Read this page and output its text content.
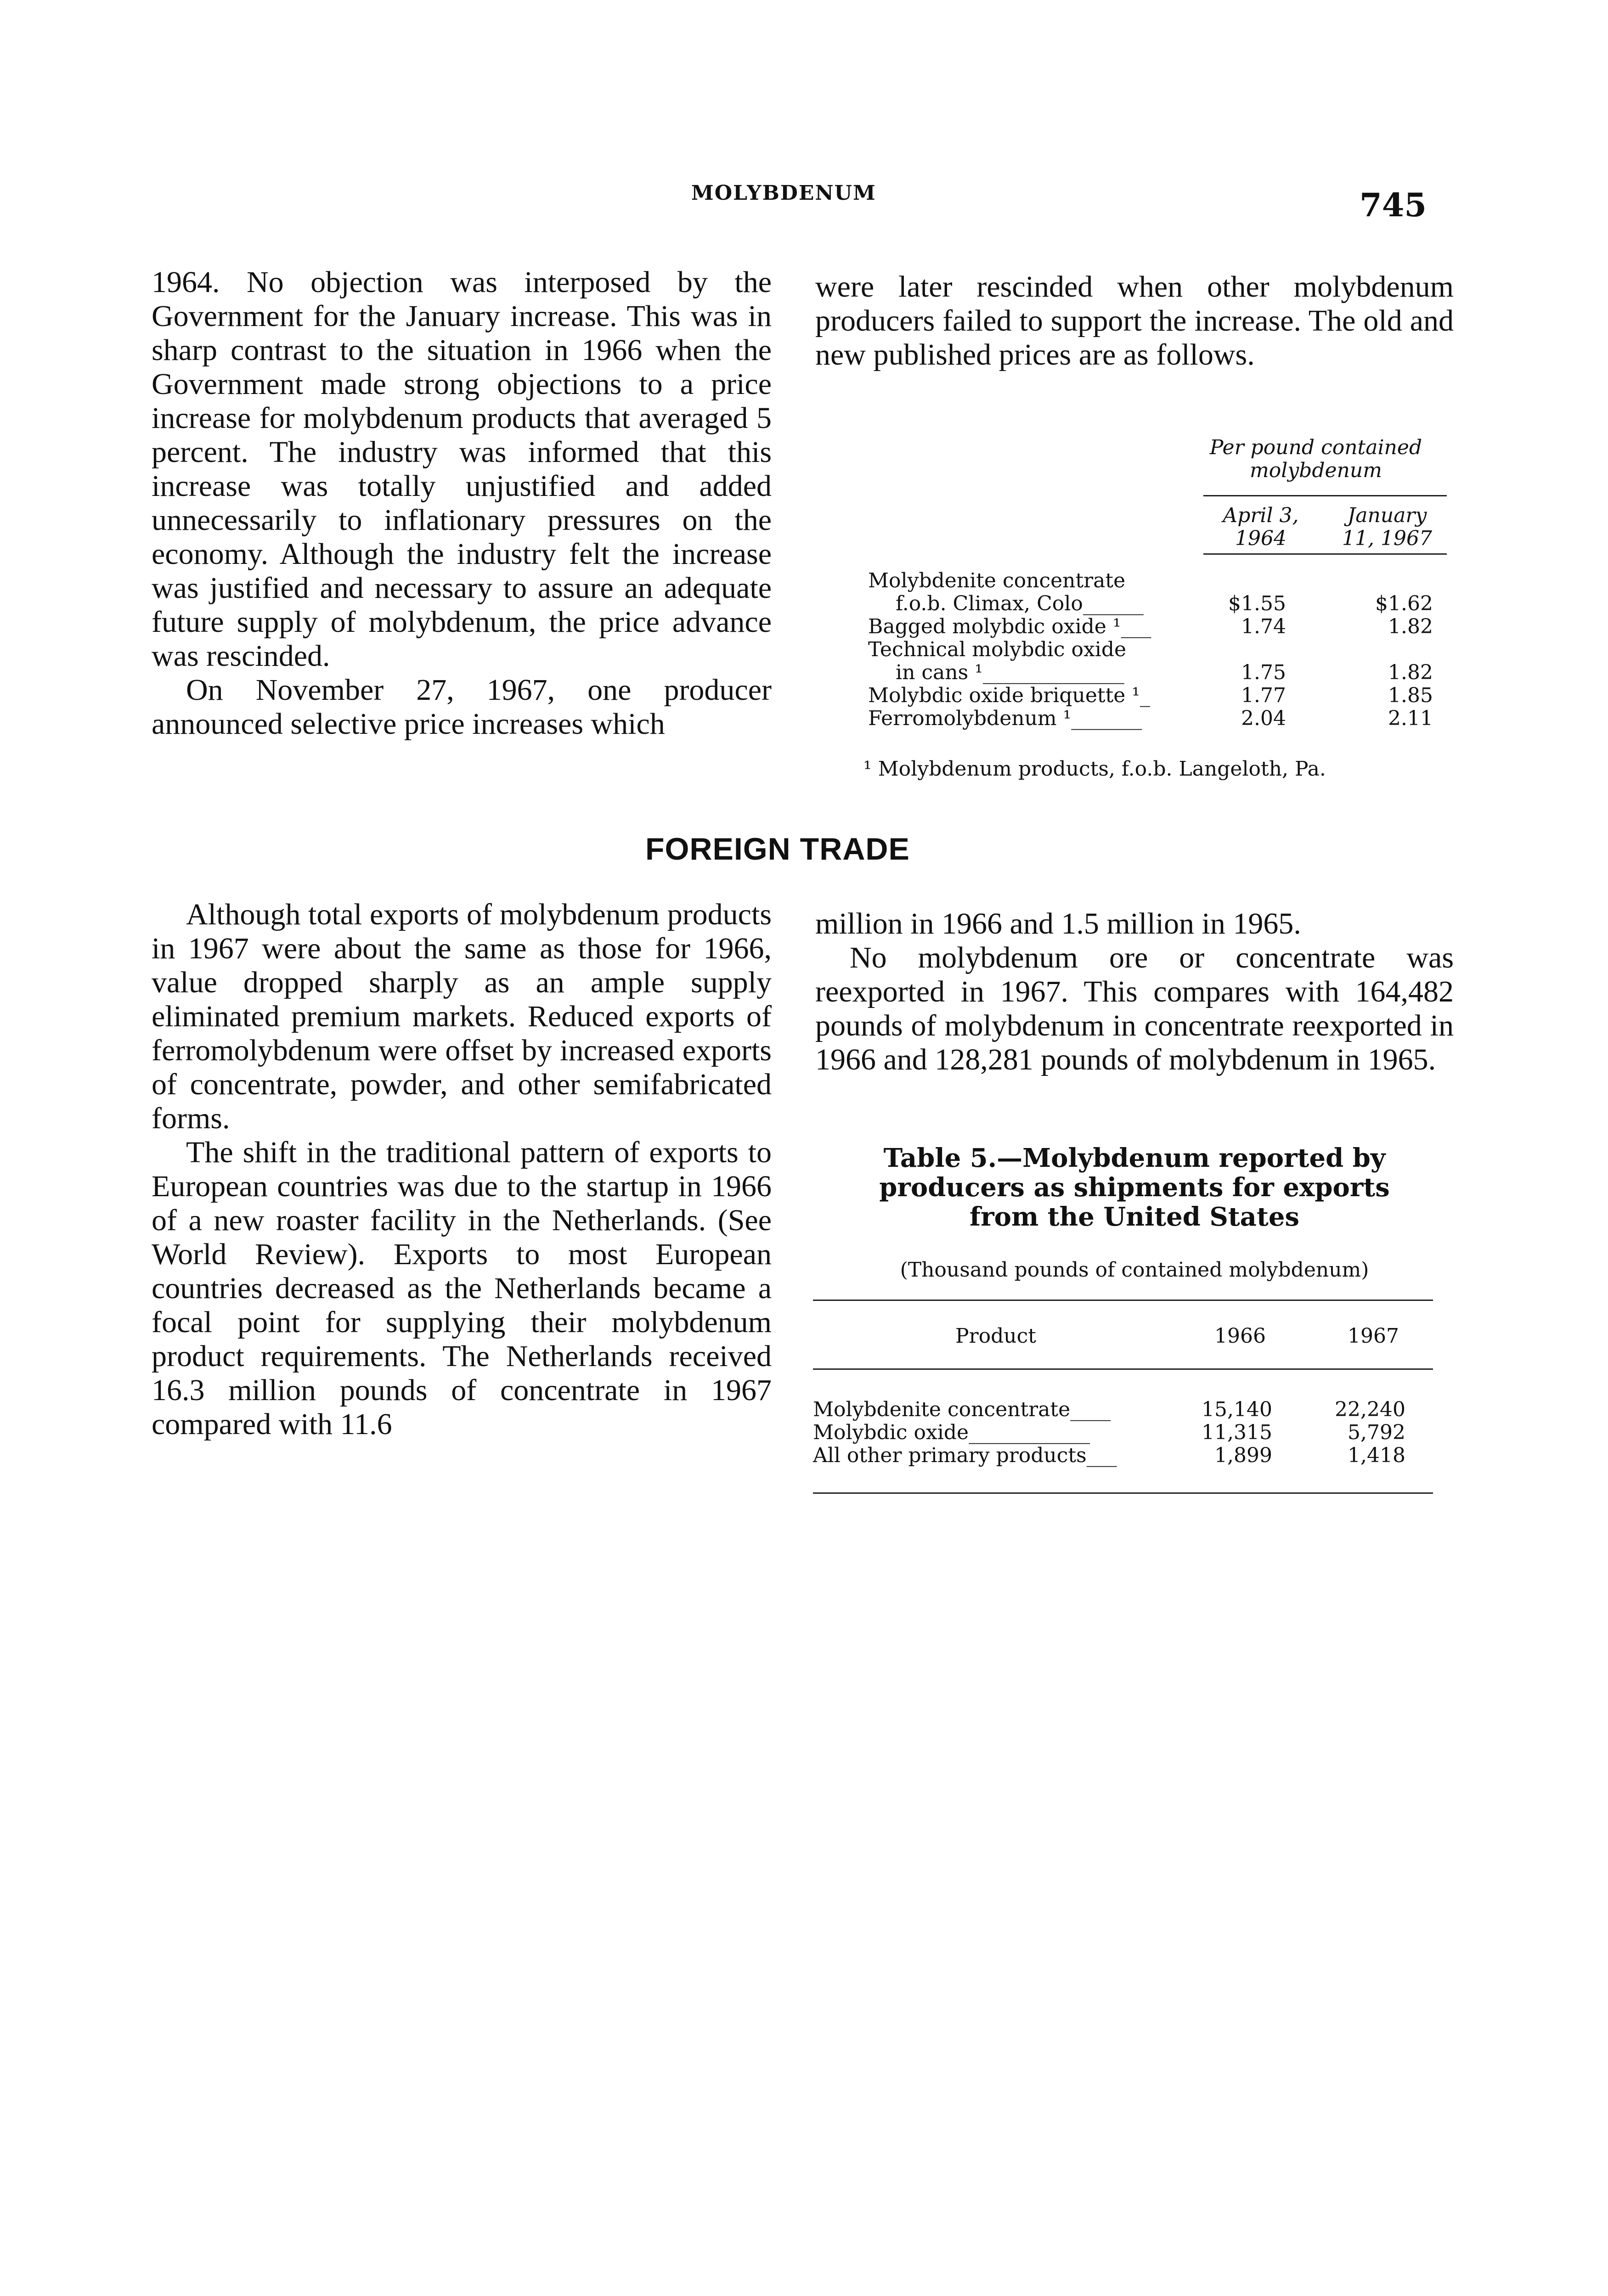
MOLYBDENUM	745

1964. No objection was interposed by the Government for the January increase. This was in sharp contrast to the situation in 1966 when the Government made strong objections to a price increase for molybdenum products that averaged 5 percent. The industry was informed that this increase was totally unjustified and added unnecessarily to inflationary pressures on the economy. Although the industry felt the increase was justified and necessary to assure an adequate future supply of molybdenum, the price advance was rescinded.

On November 27, 1967, one producer announced selective price increases which

were later rescinded when other molybdenum producers failed to support the increase. The old and new published prices are as follows.

Per pound contained
molybdenum
April 3,
1964
January
11, 1967
Molybdenite concentrate
f.o.b. Climax, Colo______	$1.55	$1.62
Bagged molybdic oxide ¹___	1.74	1.82
Technical molybdic oxide
in cans ¹______________	1.75	1.82
Molybdic oxide briquette ¹_	1.77	1.85
Ferromolybdenum ¹_______	2.04	2.11
¹ Molybdenum products, f.o.b. Langeloth, Pa.
FOREIGN TRADE

Although total exports of molybdenum products in 1967 were about the same as those for 1966, value dropped sharply as an ample supply eliminated premium markets. Reduced exports of ferromolybdenum were offset by increased exports of concentrate, powder, and other semifabricated forms.

The shift in the traditional pattern of exports to European countries was due to the startup in 1966 of a new roaster facility in the Netherlands. (See World Review). Exports to most European countries decreased as the Netherlands became a focal point for supplying their molybdenum product requirements. The Netherlands received 16.3 million pounds of concentrate in 1967 compared with 11.6

million in 1966 and 1.5 million in 1965.

No molybdenum ore or concentrate was reexported in 1967. This compares with 164,482 pounds of molybdenum in concentrate reexported in 1966 and 128,281 pounds of molybdenum in 1965.

Table 5.—Molybdenum reported by
producers as shipments for exports
from the United States
(Thousand pounds of contained molybdenum)
Product	1966	1967
Molybdenite concentrate____	15,140	22,240
Molybdic oxide____________	11,315	5,792
All other primary products___	1,899	1,418
